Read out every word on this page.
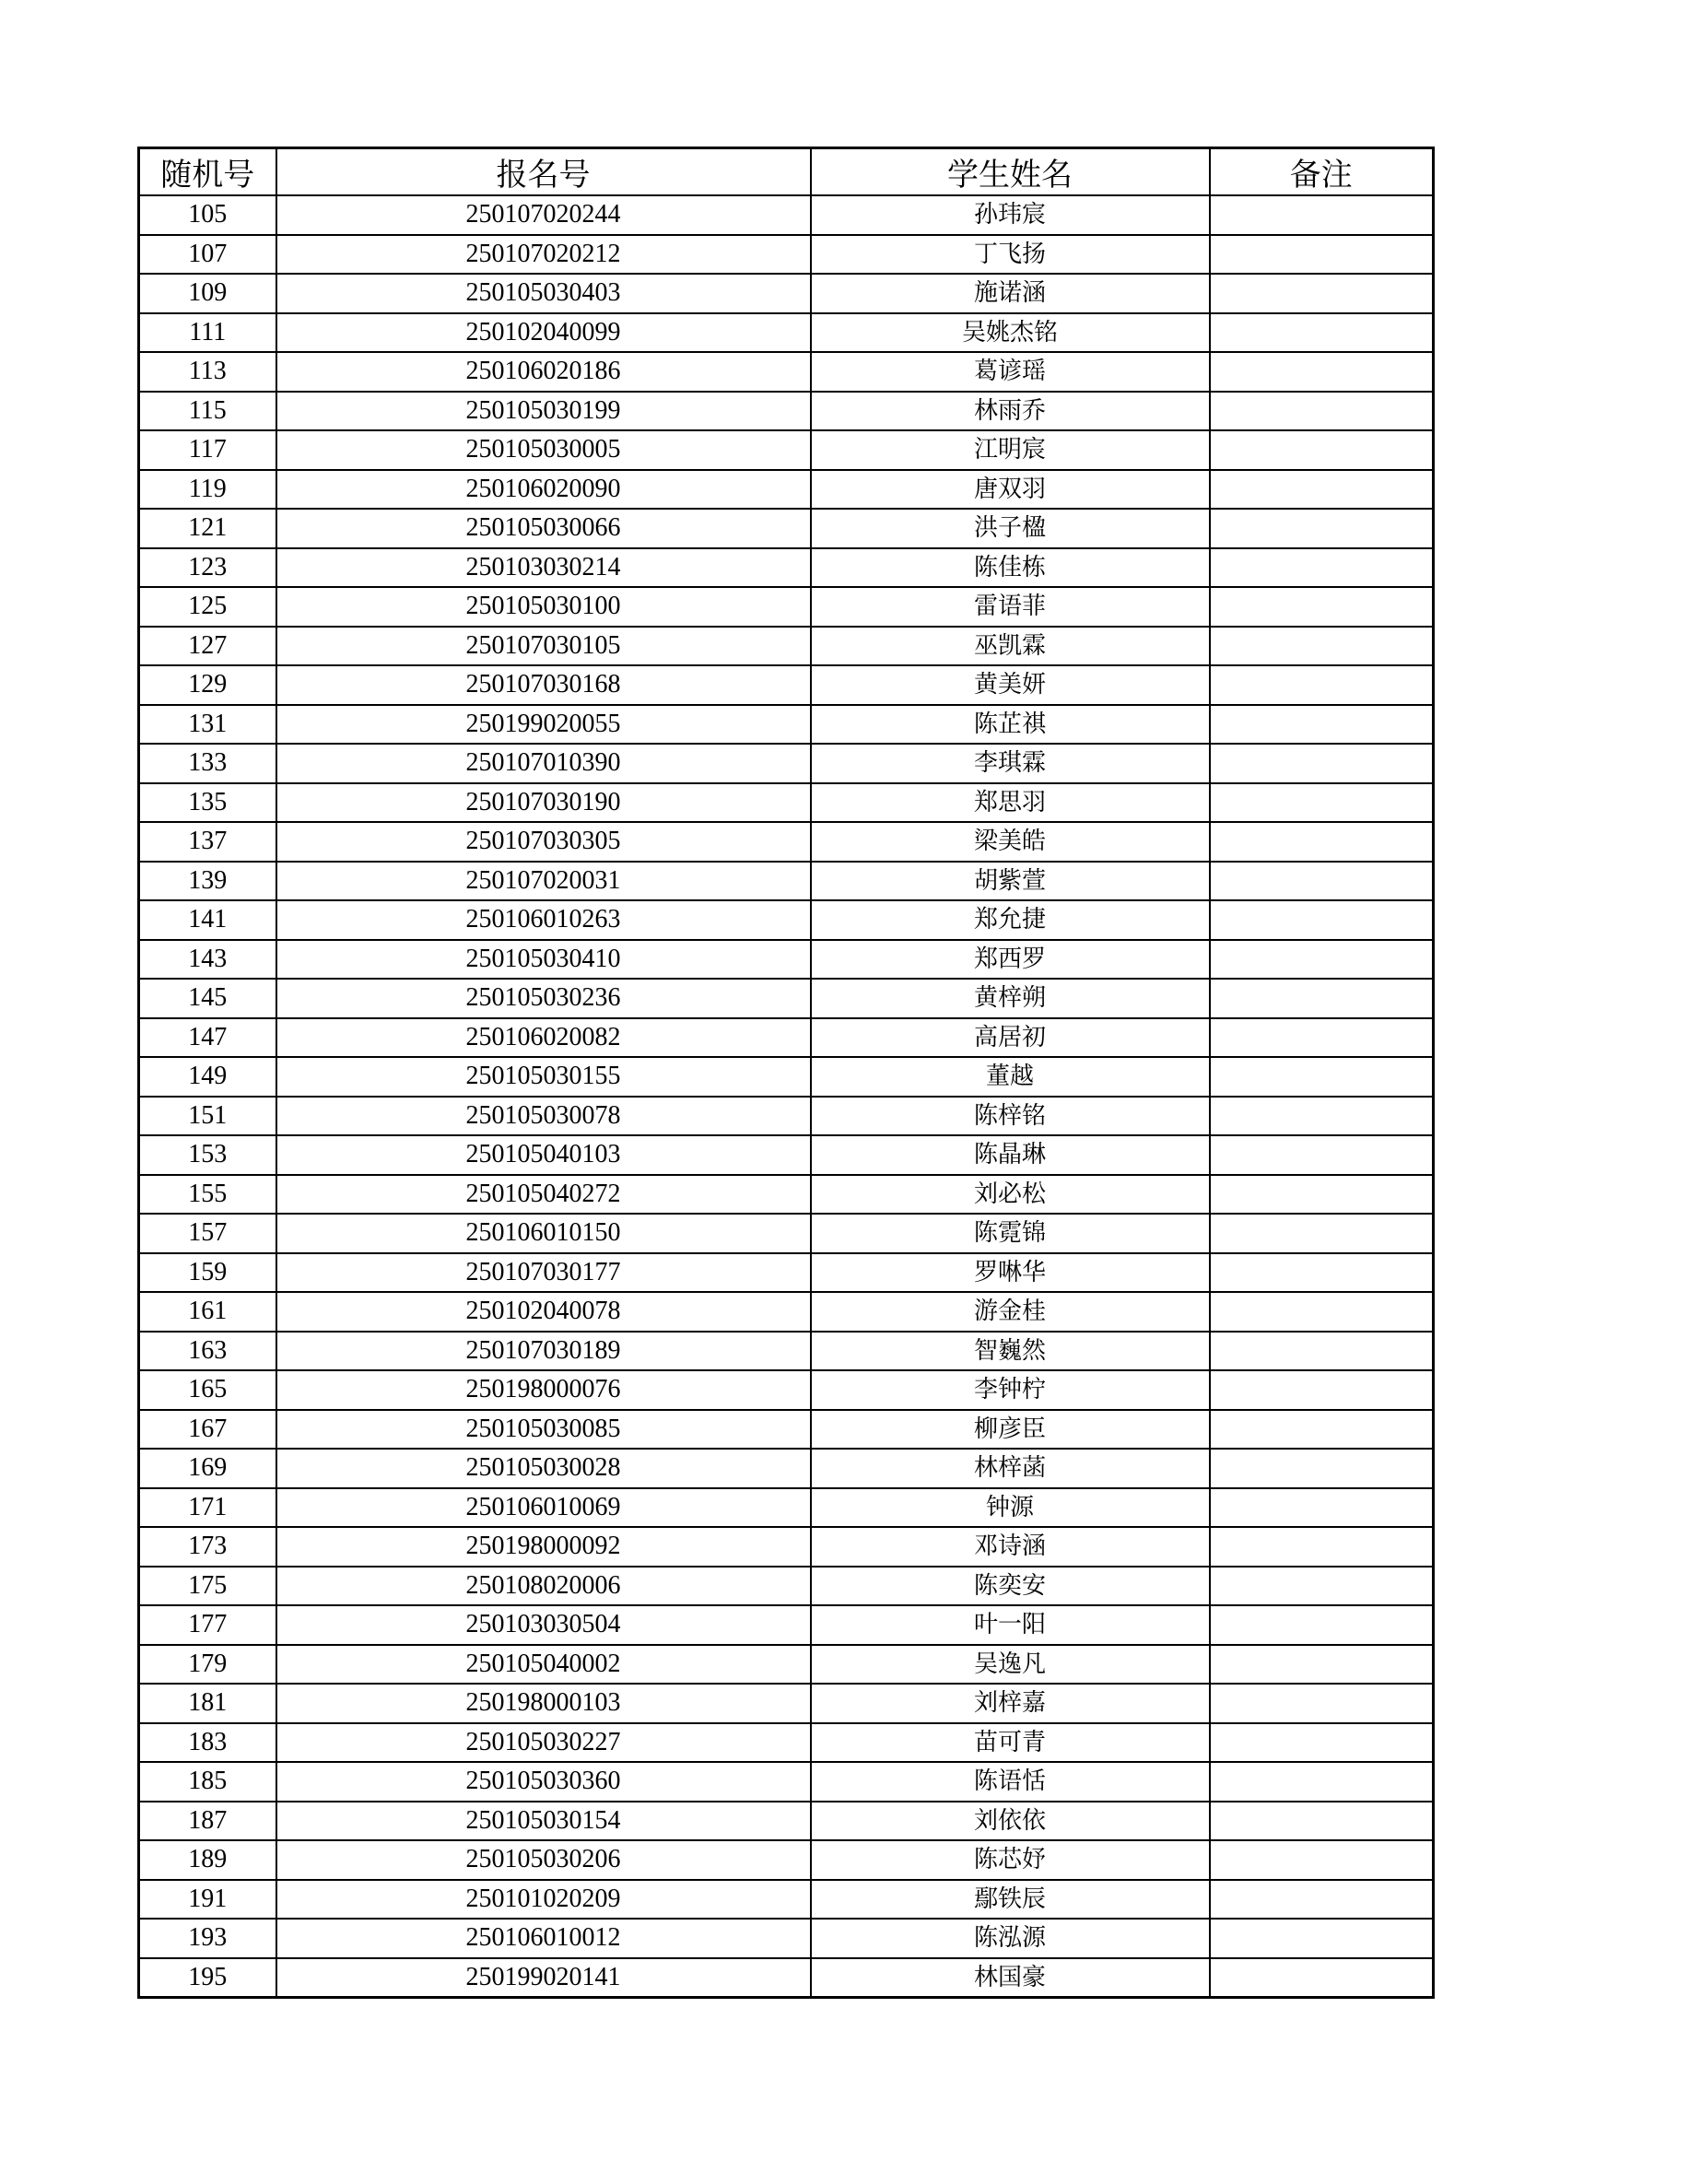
随机号	报名号	学生姓名	备注
105	250107020244	孙玮宸	
107	250107020212	丁飞扬	
109	250105030403	施诺涵	
111	250102040099	吴姚杰铭	
113	250106020186	葛谚瑶	
115	250105030199	林雨乔	
117	250105030005	江明宸	
119	250106020090	唐双羽	
121	250105030066	洪子楹	
123	250103030214	陈佳栋	
125	250105030100	雷语菲	
127	250107030105	巫凯霖	
129	250107030168	黄美妍	
131	250199020055	陈芷祺	
133	250107010390	李琪霖	
135	250107030190	郑思羽	
137	250107030305	梁美皓	
139	250107020031	胡紫萱	
141	250106010263	郑允捷	
143	250105030410	郑西罗	
145	250105030236	黄梓朔	
147	250106020082	高居初	
149	250105030155	董越	
151	250105030078	陈梓铭	
153	250105040103	陈晶琳	
155	250105040272	刘必松	
157	250106010150	陈霓锦	
159	250107030177	罗啉华	
161	250102040078	游金桂	
163	250107030189	智巍然	
165	250198000076	李钟柠	
167	250105030085	柳彦臣	
169	250105030028	林梓菡	
171	250106010069	钟源	
173	250198000092	邓诗涵	
175	250108020006	陈奕安	
177	250103030504	叶一阳	
179	250105040002	吴逸凡	
181	250198000103	刘梓嘉	
183	250105030227	苗可青	
185	250105030360	陈语恬	
187	250105030154	刘依依	
189	250105030206	陈芯妤	
191	250101020209	鄢铁辰	
193	250106010012	陈泓源	
195	250199020141	林国豪	
